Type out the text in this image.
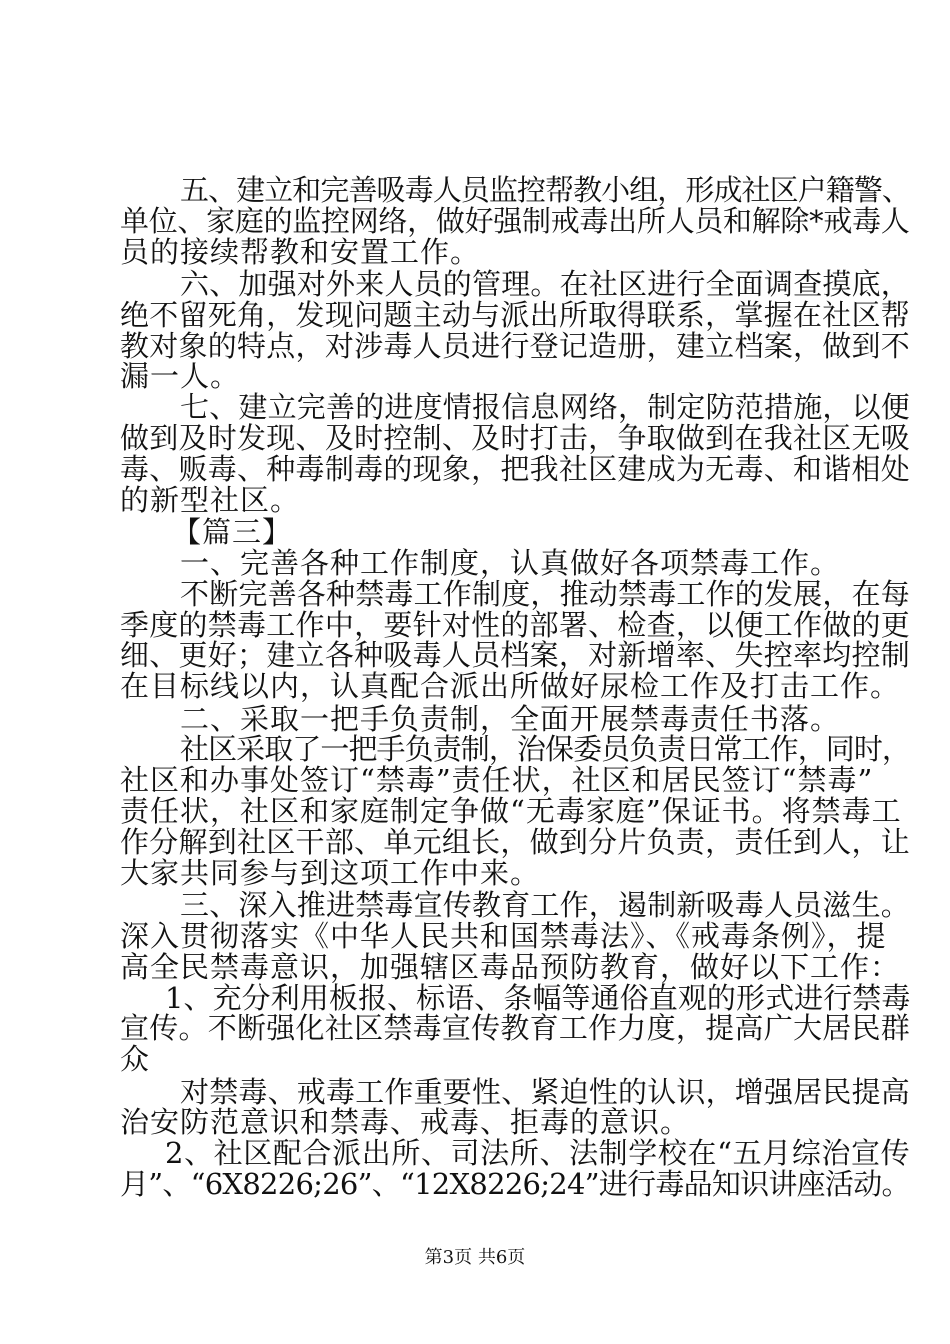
五、建立和完善吸毒人员监控帮教小组，形成社区户籍警、
单位、家庭的监控网络，做好强制戒毒出所人员和解除*戒毒人
员的接续帮教和安置工作。
六、加强对外来人员的管理。在社区进行全面调查摸底，
绝不留死角，发现问题主动与派出所取得联系，掌握在社区帮
教对象的特点，对涉毒人员进行登记造册，建立档案，做到不
漏一人。
七、建立完善的进度情报信息网络，制定防范措施，以便
做到及时发现、及时控制、及时打击，争取做到在我社区无吸
毒、贩毒、种毒制毒的现象，把我社区建成为无毒、和谐相处
的新型社区。
【篇三】
一、完善各种工作制度，认真做好各项禁毒工作。
不断完善各种禁毒工作制度，推动禁毒工作的发展，在每
季度的禁毒工作中，要针对性的部署、检查，以便工作做的更
细、更好；建立各种吸毒人员档案，对新增率、失控率均控制
在目标线以内，认真配合派出所做好尿检工作及打击工作。
二、采取一把手负责制，全面开展禁毒责任书落。
社区采取了一把手负责制，治保委员负责日常工作，同时，
社区和办事处签订“禁毒”责任状，社区和居民签订“禁毒”
责任状，社区和家庭制定争做“无毒家庭”保证书。将禁毒工
作分解到社区干部、单元组长，做到分片负责，责任到人，让
大家共同参与到这项工作中来。
三、深入推进禁毒宣传教育工作，遏制新吸毒人员滋生。
深入贯彻落实《中华人民共和国禁毒法》、《戒毒条例》，提
高全民禁毒意识，加强辖区毒品预防教育，做好以下工作：
1、充分利用板报、标语、条幅等通俗直观的形式进行禁毒
宣传。不断强化社区禁毒宣传教育工作力度，提高广大居民群
众
对禁毒、戒毒工作重要性、紧迫性的认识，增强居民提高
治安防范意识和禁毒、戒毒、拒毒的意识。
2、社区配合派出所、司法所、法制学校在“五月综治宣传
月”、“6X8226;26”、“12X8226;24”进行毒品知识讲座活动。
第3页 共6页
